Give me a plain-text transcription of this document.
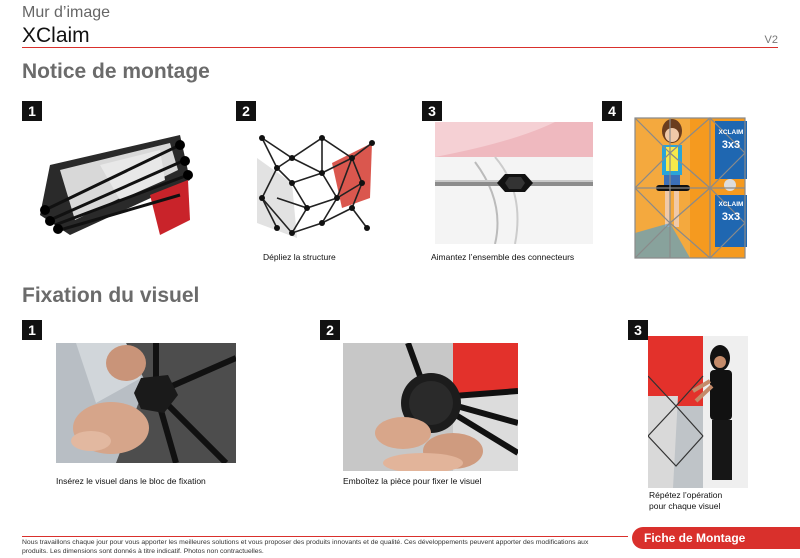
Mur d’image
XClaim	V2
Notice de montage
1	2	3	4
Dépliez la structure	Aimantez l’ensemble des connecteurs
XCLAIM
3x3
XCLAIM
3x3
Fixation du visuel
1	2	3
Insérez le visuel dans le bloc de fixation	Emboîtez la pièce pour fixer le visuel
Répétez l’opération
pour chaque visuel
Nous travaillons chaque jour pour vous apporter les meilleures solutions et vous proposer des produits innovants et de qualité. Ces développements peuvent apporter des modifications aux
produits. Les dimensions sont donnés à titre indicatif. Photos non contractuelles.
Fiche de Montage
